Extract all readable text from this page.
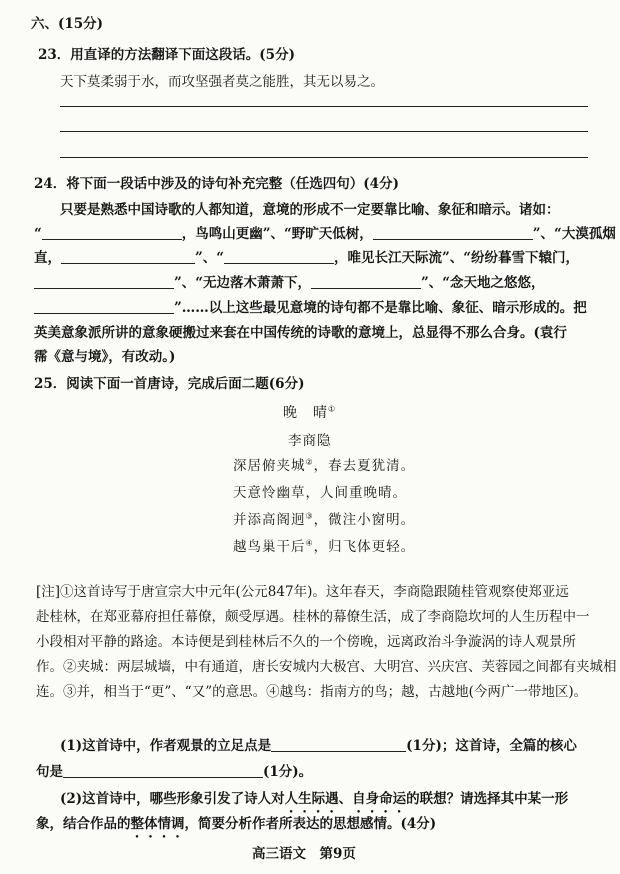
六、(15分)
23．用直译的方法翻译下面这段话。(5分)
天下莫柔弱于水，而攻坚强者莫之能胜，其无以易之。
24．将下面一段话中涉及的诗句补充完整（任选四句）(4分)
只要是熟悉中国诗歌的人都知道，意境的形成不一定要靠比喻、象征和暗示。诸如：
“	，鸟鸣山更幽”、“野旷天低树，	”、“大漠孤烟
直，	”、“	，唯见长江天际流”、“纷纷暮雪下辕门，
”、“无边落木萧萧下，	”、“念天地之悠悠，
”……以上这些最见意境的诗句都不是靠比喻、象征、暗示形成的。把
英美意象派所讲的意象硬搬过来套在中国传统的诗歌的意境上，总显得不那么合身。(袁行
霈《意与境》，有改动。)
25．阅读下面一首唐诗，完成后面二题(6分)
晚　晴①
李商隐
深居俯夹城②，春去夏犹清。
天意怜幽草，人间重晚晴。
并添高阁迥③，微注小窗明。
越鸟巢干后④，归飞体更轻。
[注]①这首诗写于唐宣宗大中元年(公元847年)。这年春天，李商隐跟随桂管观察使郑亚远
赴桂林，在郑亚幕府担任幕僚，颇受厚遇。桂林的幕僚生活，成了李商隐坎坷的人生历程中一
小段相对平静的路途。本诗便是到桂林后不久的一个傍晚，远离政治斗争漩涡的诗人观景所
作。②夹城：两层城墙，中有通道，唐长安城内大极宫、大明宫、兴庆宫、芙蓉园之间都有夹城相
连。③并，相当于“更”、“又”的意思。④越鸟：指南方的鸟；越，古越地(今两广一带地区)。
(1)这首诗中，作者观景的立足点是	(1分)；这首诗，全篇的核心
句是	(1分)。
(2)这首诗中，哪些形象引发了诗人对人生际遇、自身命运的联想？请选择其中某一形
象，结合作品的整体情调，简要分析作者所表达的思想感情。(4分)
高三语文　第9页
